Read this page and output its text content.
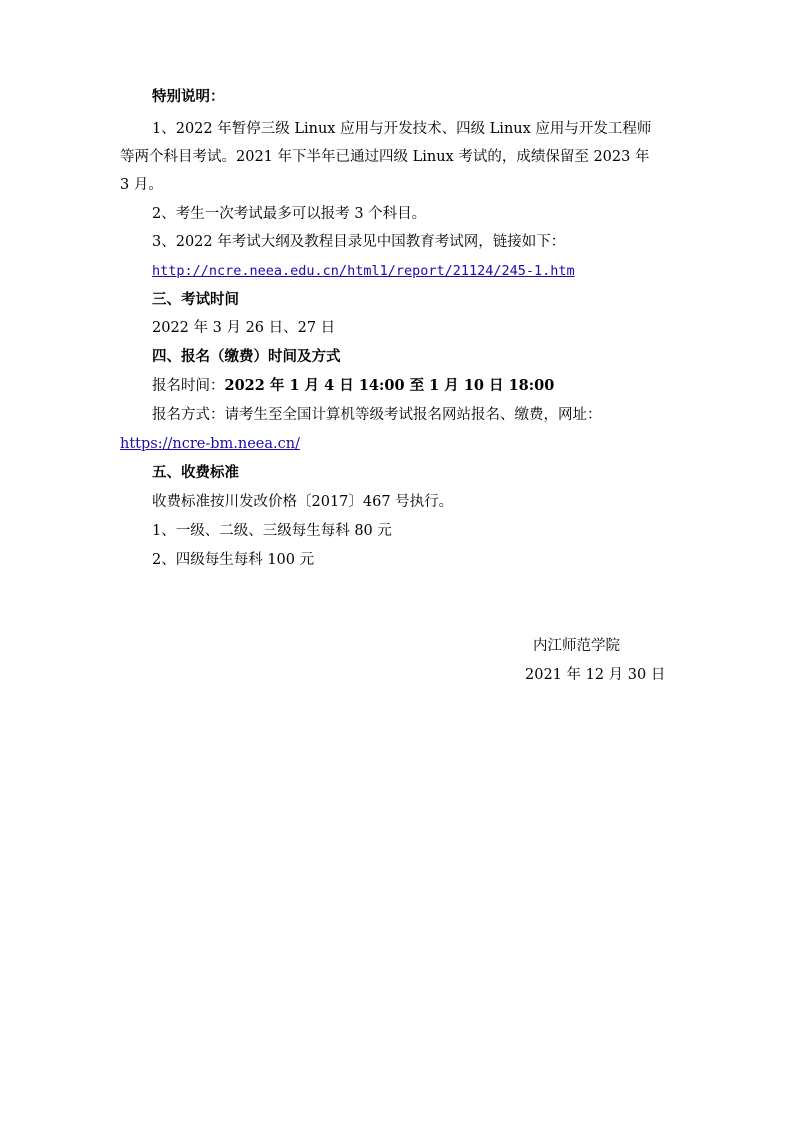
特别说明：
1、2022 年暂停三级 Linux 应用与开发技术、四级 Linux 应用与开发工程师
等两个科目考试。2021 年下半年已通过四级 Linux 考试的，成绩保留至 2023 年
3 月。
2、考生一次考试最多可以报考 3 个科目。
3、2022 年考试大纲及教程目录见中国教育考试网，链接如下：
http://ncre.neea.edu.cn/html1/report/21124/245-1.htm
三、考试时间
2022 年 3 月 26 日、27 日
四、报名（缴费）时间及方式
报名时间：2022 年 1 月 4 日 14:00 至 1 月 10 日 18:00
报名方式：请考生至全国计算机等级考试报名网站报名、缴费，网址：
https://ncre-bm.neea.cn/
五、收费标准
收费标准按川发改价格〔2017〕467 号执行。
1、一级、二级、三级每生每科 80 元
2、四级每生每科 100 元
内江师范学院
2021 年 12 月 30 日
